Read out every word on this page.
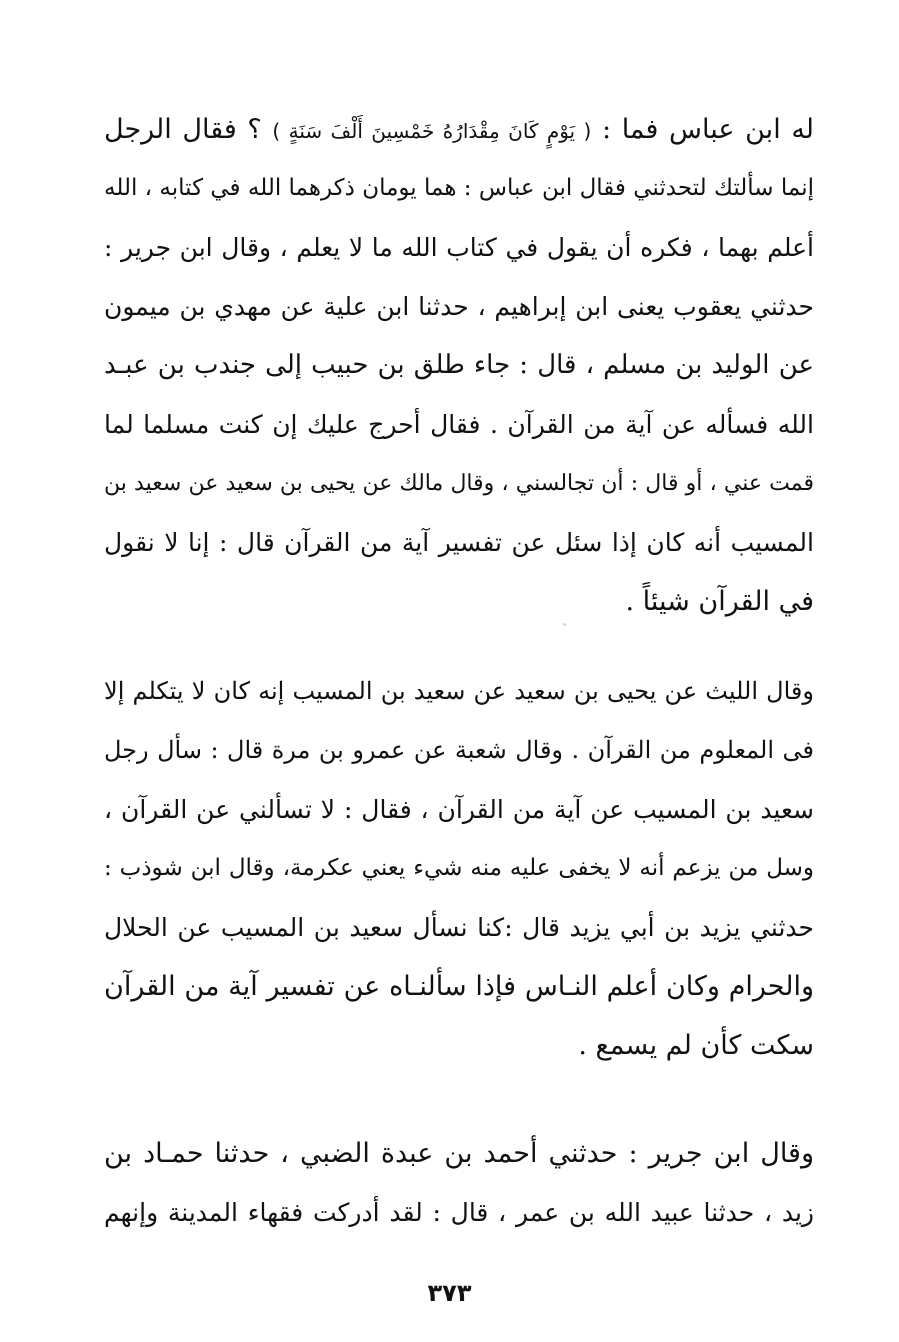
له ابن عباس فما : ( يَوْمٍ كَانَ مِقْدَارُهُ خَمْسِينَ أَلْفَ سَنَةٍ ) ؟ فقال الرجل
إنما سألتك لتحدثني فقال ابن عباس : هما يومان ذكرهما الله في كتابه ، الله
أعلم بهما ، فكره أن يقول في كتاب الله ما لا يعلم ، وقال ابن جرير :
حدثني يعقوب يعنى ابن إبراهيم ، حدثنا ابن علية عن مهدي بن ميمون
عن الوليد بن مسلم ، قال : جاء طلق بن حبيب إلى جندب بن عبـد
الله فسأله عن آية من القرآن . فقال أحرج عليك إن كنت مسلما لما
قمت عني ، أو قال : أن تجالسني ، وقال مالك عن يحيى بن سعيد عن سعيد بن
المسيب أنه كان إذا سئل عن تفسير آية من القرآن قال : إنا لا نقول
في القرآن شيئاً .
وقال الليث عن يحيى بن سعيد عن سعيد بن المسيب إنه كان لا يتكلم إلا
فى المعلوم من القرآن . وقال شعبة عن عمرو بن مرة قال : سأل رجل
سعيد بن المسيب عن آية من القرآن ، فقال : لا تسألني عن القرآن ،
وسل من يزعم أنه لا يخفى عليه منه شيء يعني عكرمة، وقال ابن شوذب :
حدثني يزيد بن أبي يزيد قال :كنا نسأل سعيد بن المسيب عن الحلال
والحرام وكان أعلم النـاس فإذا سألنـاه عن تفسير آية من القرآن
سكت كأن لم يسمع .
وقال ابن جرير : حدثني أحمد بن عبدة الضبي ، حدثنا حمـاد بن
زيد ، حدثنا عبيد الله بن عمر ، قال : لقد أدركت فقهاء المدينة وإنهم
٣٧٣
